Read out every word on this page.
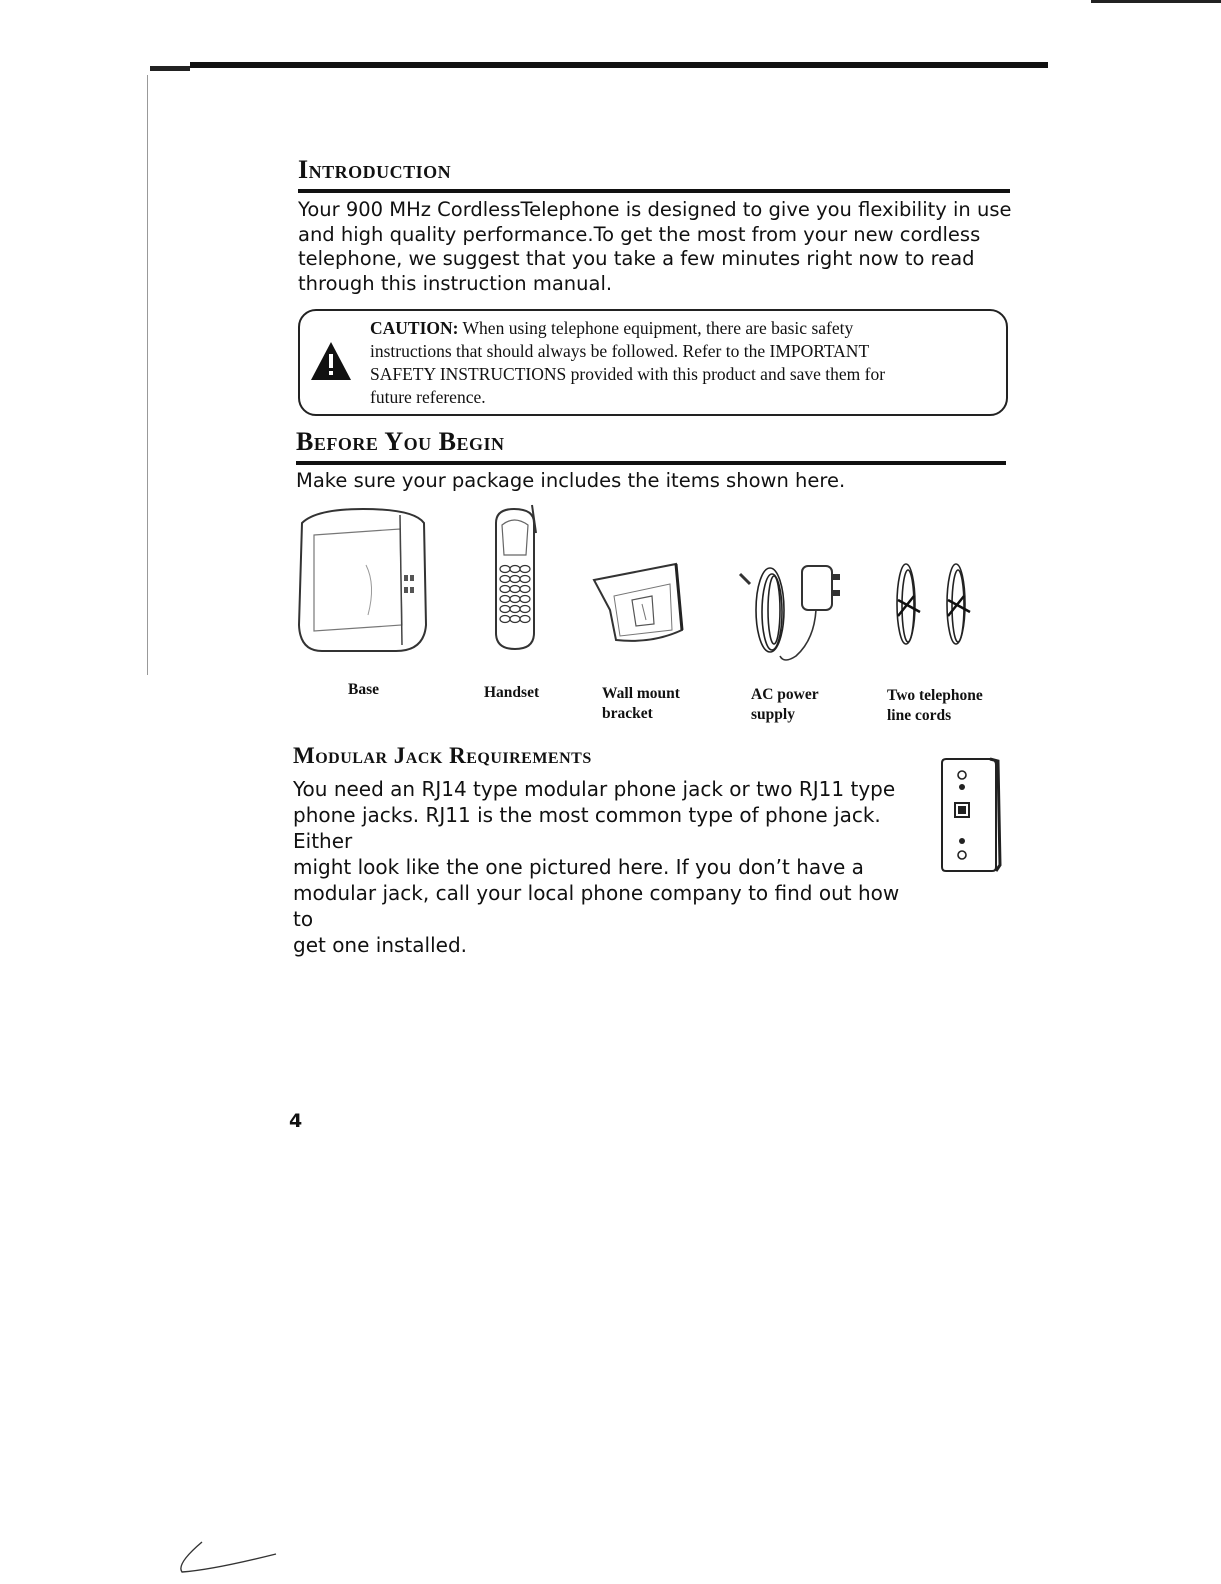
Introduction
Your 900 MHz CordlessTelephone is designed to give you flexibility in use
and high quality performance.To get the most from your new cordless
telephone, we suggest that you take a few minutes right now to read
through this instruction manual.
CAUTION: When using telephone equipment, there are basic safety
instructions that should always be followed. Refer to the IMPORTANT
SAFETY INSTRUCTIONS provided with this product and save them for
future reference.
Before You Begin

Make sure your package includes the items shown here.

Base	Handset	Wall mount
bracket
AC power
supply
Two telephone
line cords
Modular Jack Requirements
You need an RJ14 type modular phone jack or two RJ11 type
phone jacks. RJ11 is the most common type of phone jack. Either
might look like the one pictured here. If you don’t have a
modular jack, call your local phone company to find out how to
get one installed.

4
